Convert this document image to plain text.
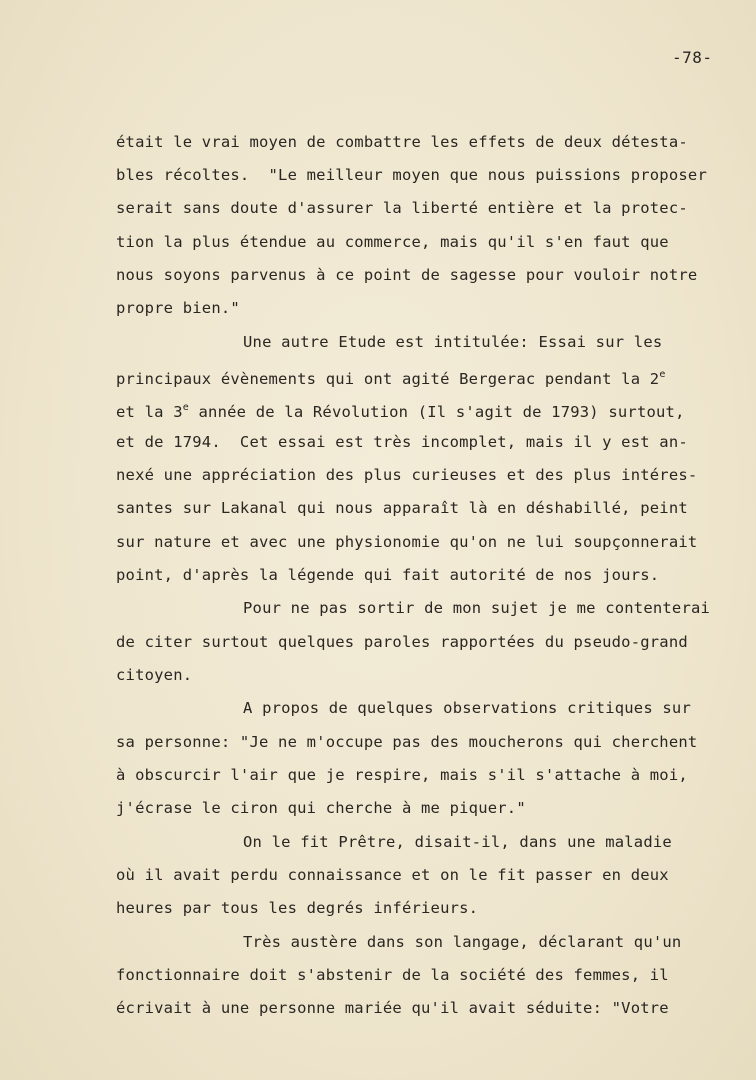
-78-
était le vrai moyen de combattre les effets de deux détesta-
bles récoltes.  "Le meilleur moyen que nous puissions proposer
serait sans doute d'assurer la liberté entière et la protec-
tion la plus étendue au commerce, mais qu'il s'en faut que
nous soyons parvenus à ce point de sagesse pour vouloir notre
propre bien."
Une autre Etude est intitulée: Essai sur les
principaux évènements qui ont agité Bergerac pendant la 2e
et la 3e année de la Révolution (Il s'agit de 1793) surtout,
et de 1794.  Cet essai est très incomplet, mais il y est an-
nexé une appréciation des plus curieuses et des plus intéres-
santes sur Lakanal qui nous apparaît là en déshabillé, peint
sur nature et avec une physionomie qu'on ne lui soupçonnerait
point, d'après la légende qui fait autorité de nos jours.
Pour ne pas sortir de mon sujet je me contenterai
de citer surtout quelques paroles rapportées du pseudo-grand
citoyen.
A propos de quelques observations critiques sur
sa personne: "Je ne m'occupe pas des moucherons qui cherchent
à obscurcir l'air que je respire, mais s'il s'attache à moi,
j'écrase le ciron qui cherche à me piquer."
On le fit Prêtre, disait-il, dans une maladie
où il avait perdu connaissance et on le fit passer en deux
heures par tous les degrés inférieurs.
Très austère dans son langage, déclarant qu'un
fonctionnaire doit s'abstenir de la société des femmes, il
écrivait à une personne mariée qu'il avait séduite: "Votre
